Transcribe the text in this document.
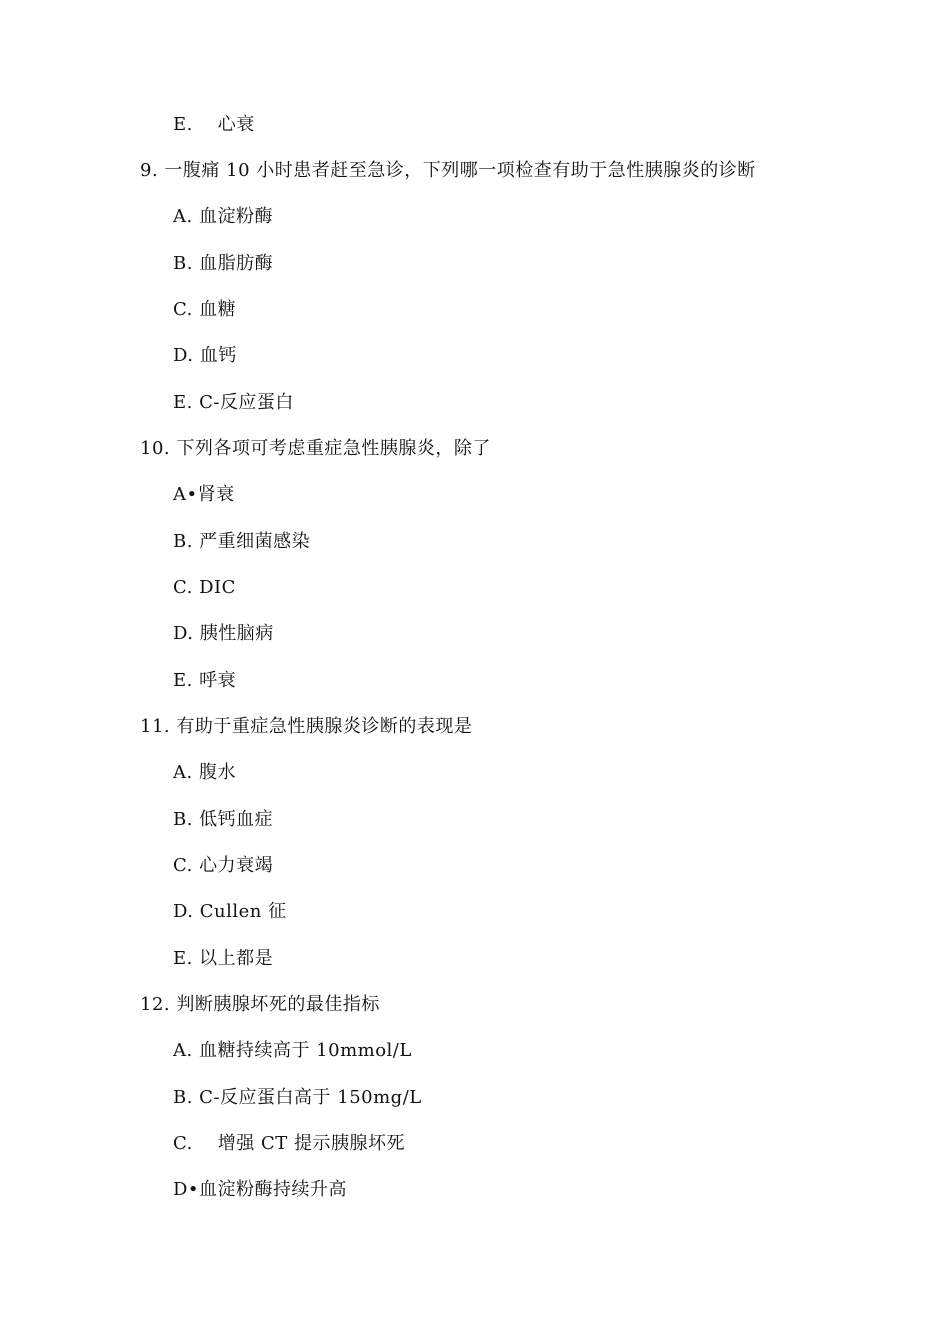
E.    心衰
9. 一腹痛 10 小时患者赶至急诊，下列哪一项检查有助于急性胰腺炎的诊断
A. 血淀粉酶
B. 血脂肪酶
C. 血糖
D. 血钙
E. C-反应蛋白
10. 下列各项可考虑重症急性胰腺炎，除了
A•肾衰
B. 严重细菌感染
C. DIC
D. 胰性脑病
E. 呼衰
11. 有助于重症急性胰腺炎诊断的表现是
A. 腹水
B. 低钙血症
C. 心力衰竭
D. Cullen 征
E. 以上都是
12. 判断胰腺坏死的最佳指标
A. 血糖持续高于 10mmol/L
B. C-反应蛋白高于 150mg/L
C.    增强 CT 提示胰腺坏死
D•血淀粉酶持续升高
